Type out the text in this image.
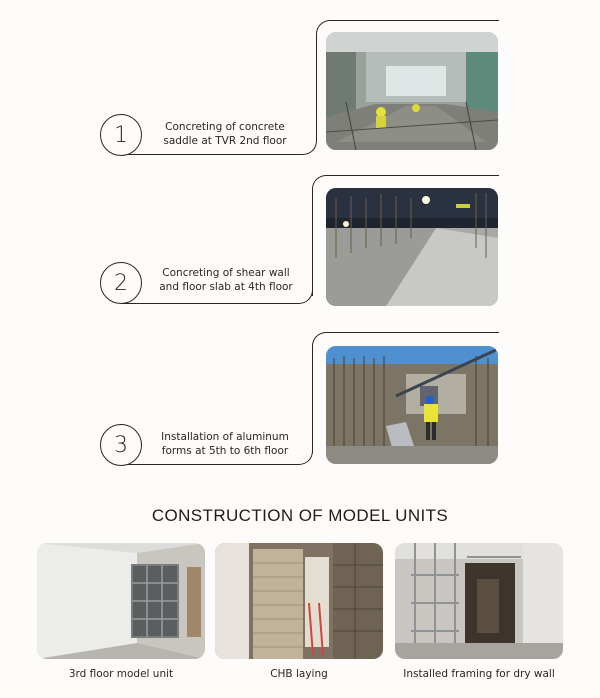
1	Concreting of concrete
saddle at TVR 2nd floor
2	Concreting of shear wall
and floor slab at 4th floor
3	Installation of aluminum
forms at 5th to 6th floor
CONSTRUCTION OF MODEL UNITS
3rd floor model unit	CHB laying	Installed framing for dry wall
